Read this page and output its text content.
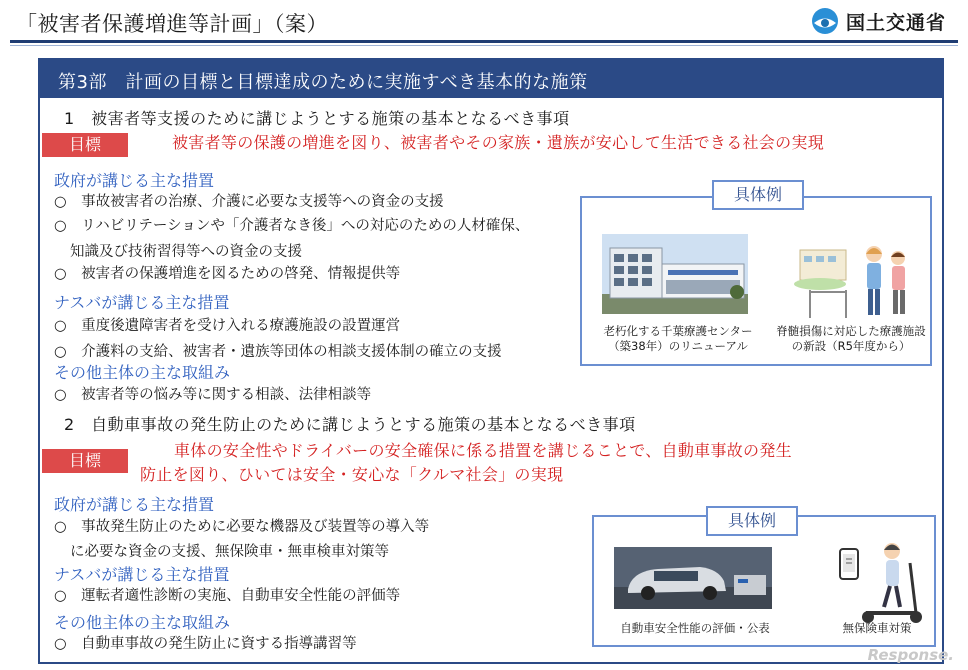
「被害者保護増進等計画」（案）	国土交通省
第3部　計画の目標と目標達成のために実施すべき基本的な施策
1　被害者等支援のために講じようとする施策の基本となるべき事項
目標	被害者等の保護の増進を図り、被害者やその家族・遺族が安心して生活できる社会の実現
政府が講じる主な措置
○　事故被害者の治療、介護に必要な支援等への資金の支援
○　リハビリテーションや「介護者なき後」への対応のための人材確保、
知識及び技術習得等への資金の支援
○　被害者の保護増進を図るための啓発、情報提供等
ナスバが講じる主な措置
○　重度後遺障害者を受け入れる療護施設の設置運営
○　介護料の支給、被害者・遺族等団体の相談支援体制の確立の支援
その他主体の主な取組み
○　被害者等の悩み等に関する相談、法律相談等
老朽化する千葉療護センター
（築38年）のリニューアル
脊髄損傷に対応した療護施設
の新設（R5年度から）
具体例
2　自動車事故の発生防止のために講じようとする施策の基本となるべき事項
目標
車体の安全性やドライバーの安全確保に係る措置を講じることで、自動車事故の発生
防止を図り、ひいては安全・安心な「クルマ社会」の実現
政府が講じる主な措置
○　事故発生防止のために必要な機器及び装置等の導入等
に必要な資金の支援、無保険車・無車検車対策等
ナスバが講じる主な措置
○　運転者適性診断の実施、自動車安全性能の評価等
その他主体の主な取組み
○　自動車事故の発生防止に資する指導講習等
自動車安全性能の評価・公表	無保険車対策
具体例
Response.
